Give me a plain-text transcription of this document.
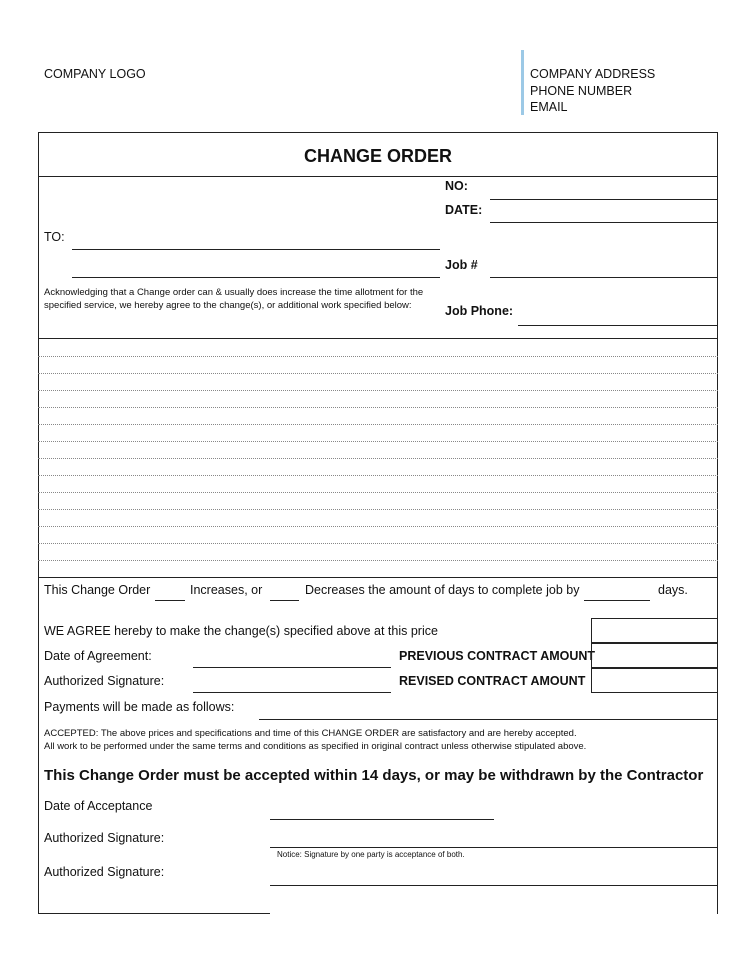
COMPANY LOGO	COMPANY ADDRESS
PHONE NUMBER
EMAIL
CHANGE ORDER
NO:
DATE:
TO:
Job #
Acknowledging that a Change order can & usually does increase the time allotment for the specified service, we hereby agree to the change(s), or additional work specified below:	Job Phone:
This Change Order	Increases, or	Decreases the amount of days to complete job by	days.
WE AGREE hereby to make the change(s) specified above at this price
Date of Agreement:	PREVIOUS CONTRACT AMOUNT
Authorized Signature:	REVISED CONTRACT AMOUNT
Payments will be made as follows:
ACCEPTED: The above prices and specifications and time of this CHANGE ORDER are satisfactory and are hereby accepted.
All work to be performed under the same terms and conditions as specified in original contract unless otherwise stipulated above.
This Change Order must be accepted within 14 days, or may be withdrawn by the Contractor
Date of Acceptance
Authorized Signature:
Notice: Signature by one party is acceptance of both.
Authorized Signature:
